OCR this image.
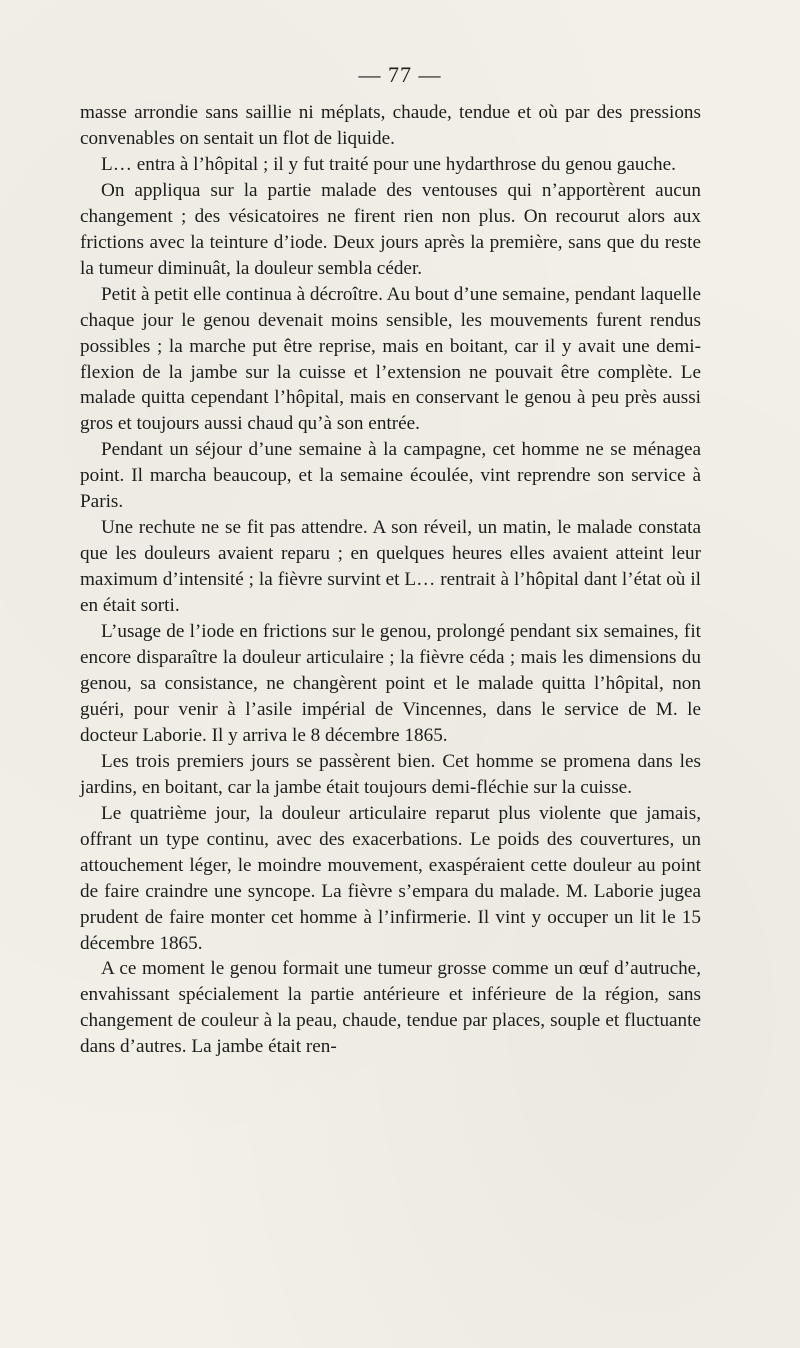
— 77 —

masse arrondie sans saillie ni méplats, chaude, tendue et où par des pressions convenables on sentait un flot de liquide.

L… entra à l’hôpital ; il y fut traité pour une hydarthrose du genou gauche.

On appliqua sur la partie malade des ventouses qui n’apportèrent aucun changement ; des vésicatoires ne firent rien non plus. On recourut alors aux frictions avec la teinture d’iode. Deux jours après la première, sans que du reste la tumeur diminuât, la douleur sembla céder.

Petit à petit elle continua à décroître. Au bout d’une semaine, pendant laquelle chaque jour le genou devenait moins sensible, les mouvements furent rendus possibles ; la marche put être reprise, mais en boitant, car il y avait une demi-flexion de la jambe sur la cuisse et l’extension ne pouvait être complète. Le malade quitta cependant l’hôpital, mais en conservant le genou à peu près aussi gros et toujours aussi chaud qu’à son entrée.

Pendant un séjour d’une semaine à la campagne, cet homme ne se ménagea point. Il marcha beaucoup, et la semaine écoulée, vint reprendre son service à Paris.

Une rechute ne se fit pas attendre. A son réveil, un matin, le malade constata que les douleurs avaient reparu ; en quelques heures elles avaient atteint leur maximum d’intensité ; la fièvre survint et L… rentrait à l’hôpital dant l’état où il en était sorti.

L’usage de l’iode en frictions sur le genou, prolongé pendant six semaines, fit encore disparaître la douleur articulaire ; la fièvre céda ; mais les dimensions du genou, sa consistance, ne changèrent point et le malade quitta l’hôpital, non guéri, pour venir à l’asile impérial de Vincennes, dans le service de M. le docteur Laborie. Il y arriva le 8 décembre 1865.

Les trois premiers jours se passèrent bien. Cet homme se promena dans les jardins, en boitant, car la jambe était toujours demi-fléchie sur la cuisse.

Le quatrième jour, la douleur articulaire reparut plus violente que jamais, offrant un type continu, avec des exacerbations. Le poids des couvertures, un attouchement léger, le moindre mouvement, exaspéraient cette douleur au point de faire craindre une syncope. La fièvre s’empara du malade. M. Laborie jugea prudent de faire monter cet homme à l’infirmerie. Il vint y occuper un lit le 15 décembre 1865.

A ce moment le genou formait une tumeur grosse comme un œuf d’autruche, envahissant spécialement la partie antérieure et inférieure de la région, sans changement de couleur à la peau, chaude, tendue par places, souple et fluctuante dans d’autres. La jambe était ren-
